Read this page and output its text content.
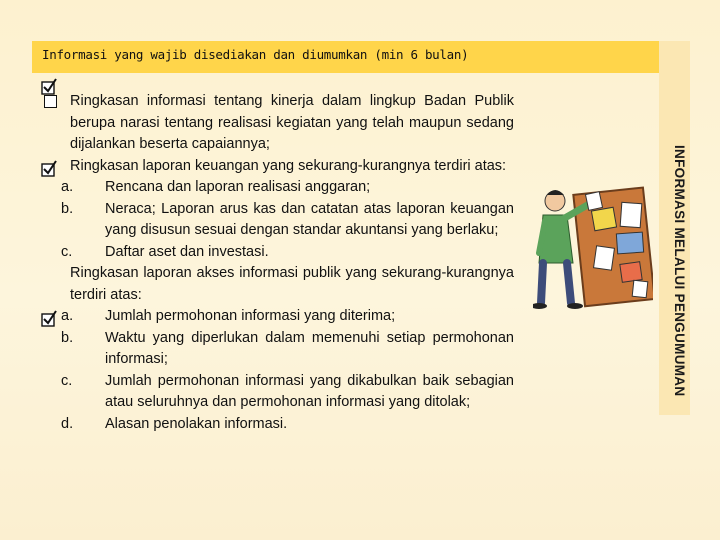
Informasi yang wajib disediakan dan diumumkan (min 6 bulan)
INFORMASI MELALUI PENGUMUMAN

Ringkasan informasi tentang kinerja dalam lingkup Badan Publik berupa narasi tentang realisasi kegiatan yang telah maupun sedang dijalankan beserta capaiannya;

Ringkasan laporan keuangan yang sekurang-kurangnya terdiri atas:

a. Rencana dan laporan realisasi anggaran;

b. Neraca; Laporan arus kas dan catatan atas laporan keuangan yang disusun sesuai dengan standar akuntansi yang berlaku;

c. Daftar aset dan investasi.

Ringkasan laporan akses informasi publik yang sekurang-kurangnya terdiri atas:

a. Jumlah permohonan informasi yang diterima;

b. Waktu yang diperlukan dalam memenuhi setiap permohonan informasi;

c. Jumlah permohonan informasi yang dikabulkan baik sebagian atau seluruhnya dan permohonan informasi yang ditolak;

d. Alasan penolakan informasi.
